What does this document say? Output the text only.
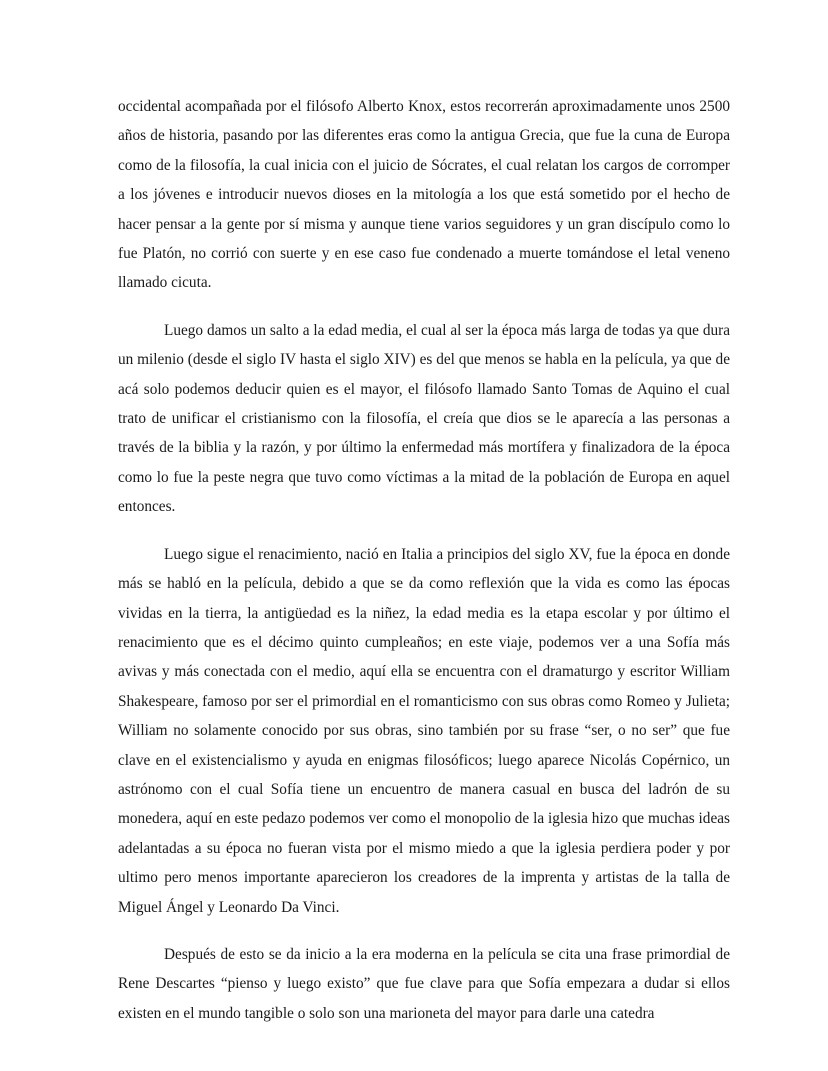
occidental acompañada por el filósofo Alberto Knox, estos recorrerán aproximadamente unos 2500 años de historia, pasando por las diferentes eras como la antigua Grecia, que fue la cuna de Europa como de la filosofía, la cual inicia con el juicio de Sócrates, el cual relatan los cargos de corromper a los jóvenes e introducir nuevos dioses en la mitología a los que está sometido por el hecho de hacer pensar a la gente por sí misma y aunque tiene varios seguidores y un gran discípulo como lo fue Platón, no corrió con suerte y en ese caso fue condenado a muerte tomándose el letal veneno llamado cicuta.

Luego damos un salto a la edad media, el cual al ser la época más larga de todas ya que dura un milenio (desde el siglo IV hasta el siglo XIV) es del que menos se habla en la película, ya que de acá solo podemos deducir quien es el mayor, el filósofo llamado Santo Tomas de Aquino el cual trato de unificar el cristianismo con la filosofía, el creía que dios se le aparecía a las personas a través de la biblia y la razón, y por último la enfermedad más mortífera y finalizadora de la época como lo fue la peste negra que tuvo como víctimas a la mitad de la población de Europa en aquel entonces.

Luego sigue el renacimiento, nació en Italia a principios del siglo XV, fue la época en donde más se habló en la película, debido a que se da como reflexión que la vida es como las épocas vividas en la tierra, la antigüedad es la niñez, la edad media es la etapa escolar y por último el renacimiento que es el décimo quinto cumpleaños; en este viaje, podemos ver a una Sofía más avivas y más conectada con el medio, aquí ella se encuentra con el dramaturgo y escritor William Shakespeare, famoso por ser el primordial en el romanticismo con sus obras como Romeo y Julieta; William no solamente conocido por sus obras, sino también por su frase “ser, o no ser” que fue clave en el existencialismo y ayuda en enigmas filosóficos; luego aparece Nicolás Copérnico, un astrónomo con el cual Sofía tiene un encuentro de manera casual en busca del ladrón de su monedera, aquí en este pedazo podemos ver como el monopolio de la iglesia hizo que muchas ideas adelantadas a su época no fueran vista por el mismo miedo a que la iglesia perdiera poder y por ultimo pero menos importante aparecieron los creadores de la imprenta y artistas de la talla de Miguel Ángel y Leonardo Da Vinci.

Después de esto se da inicio a la era moderna en la película se cita una frase primordial de Rene Descartes “pienso y luego existo” que fue clave para que Sofía empezara a dudar si ellos existen en el mundo tangible o solo son una marioneta del mayor para darle una catedra
